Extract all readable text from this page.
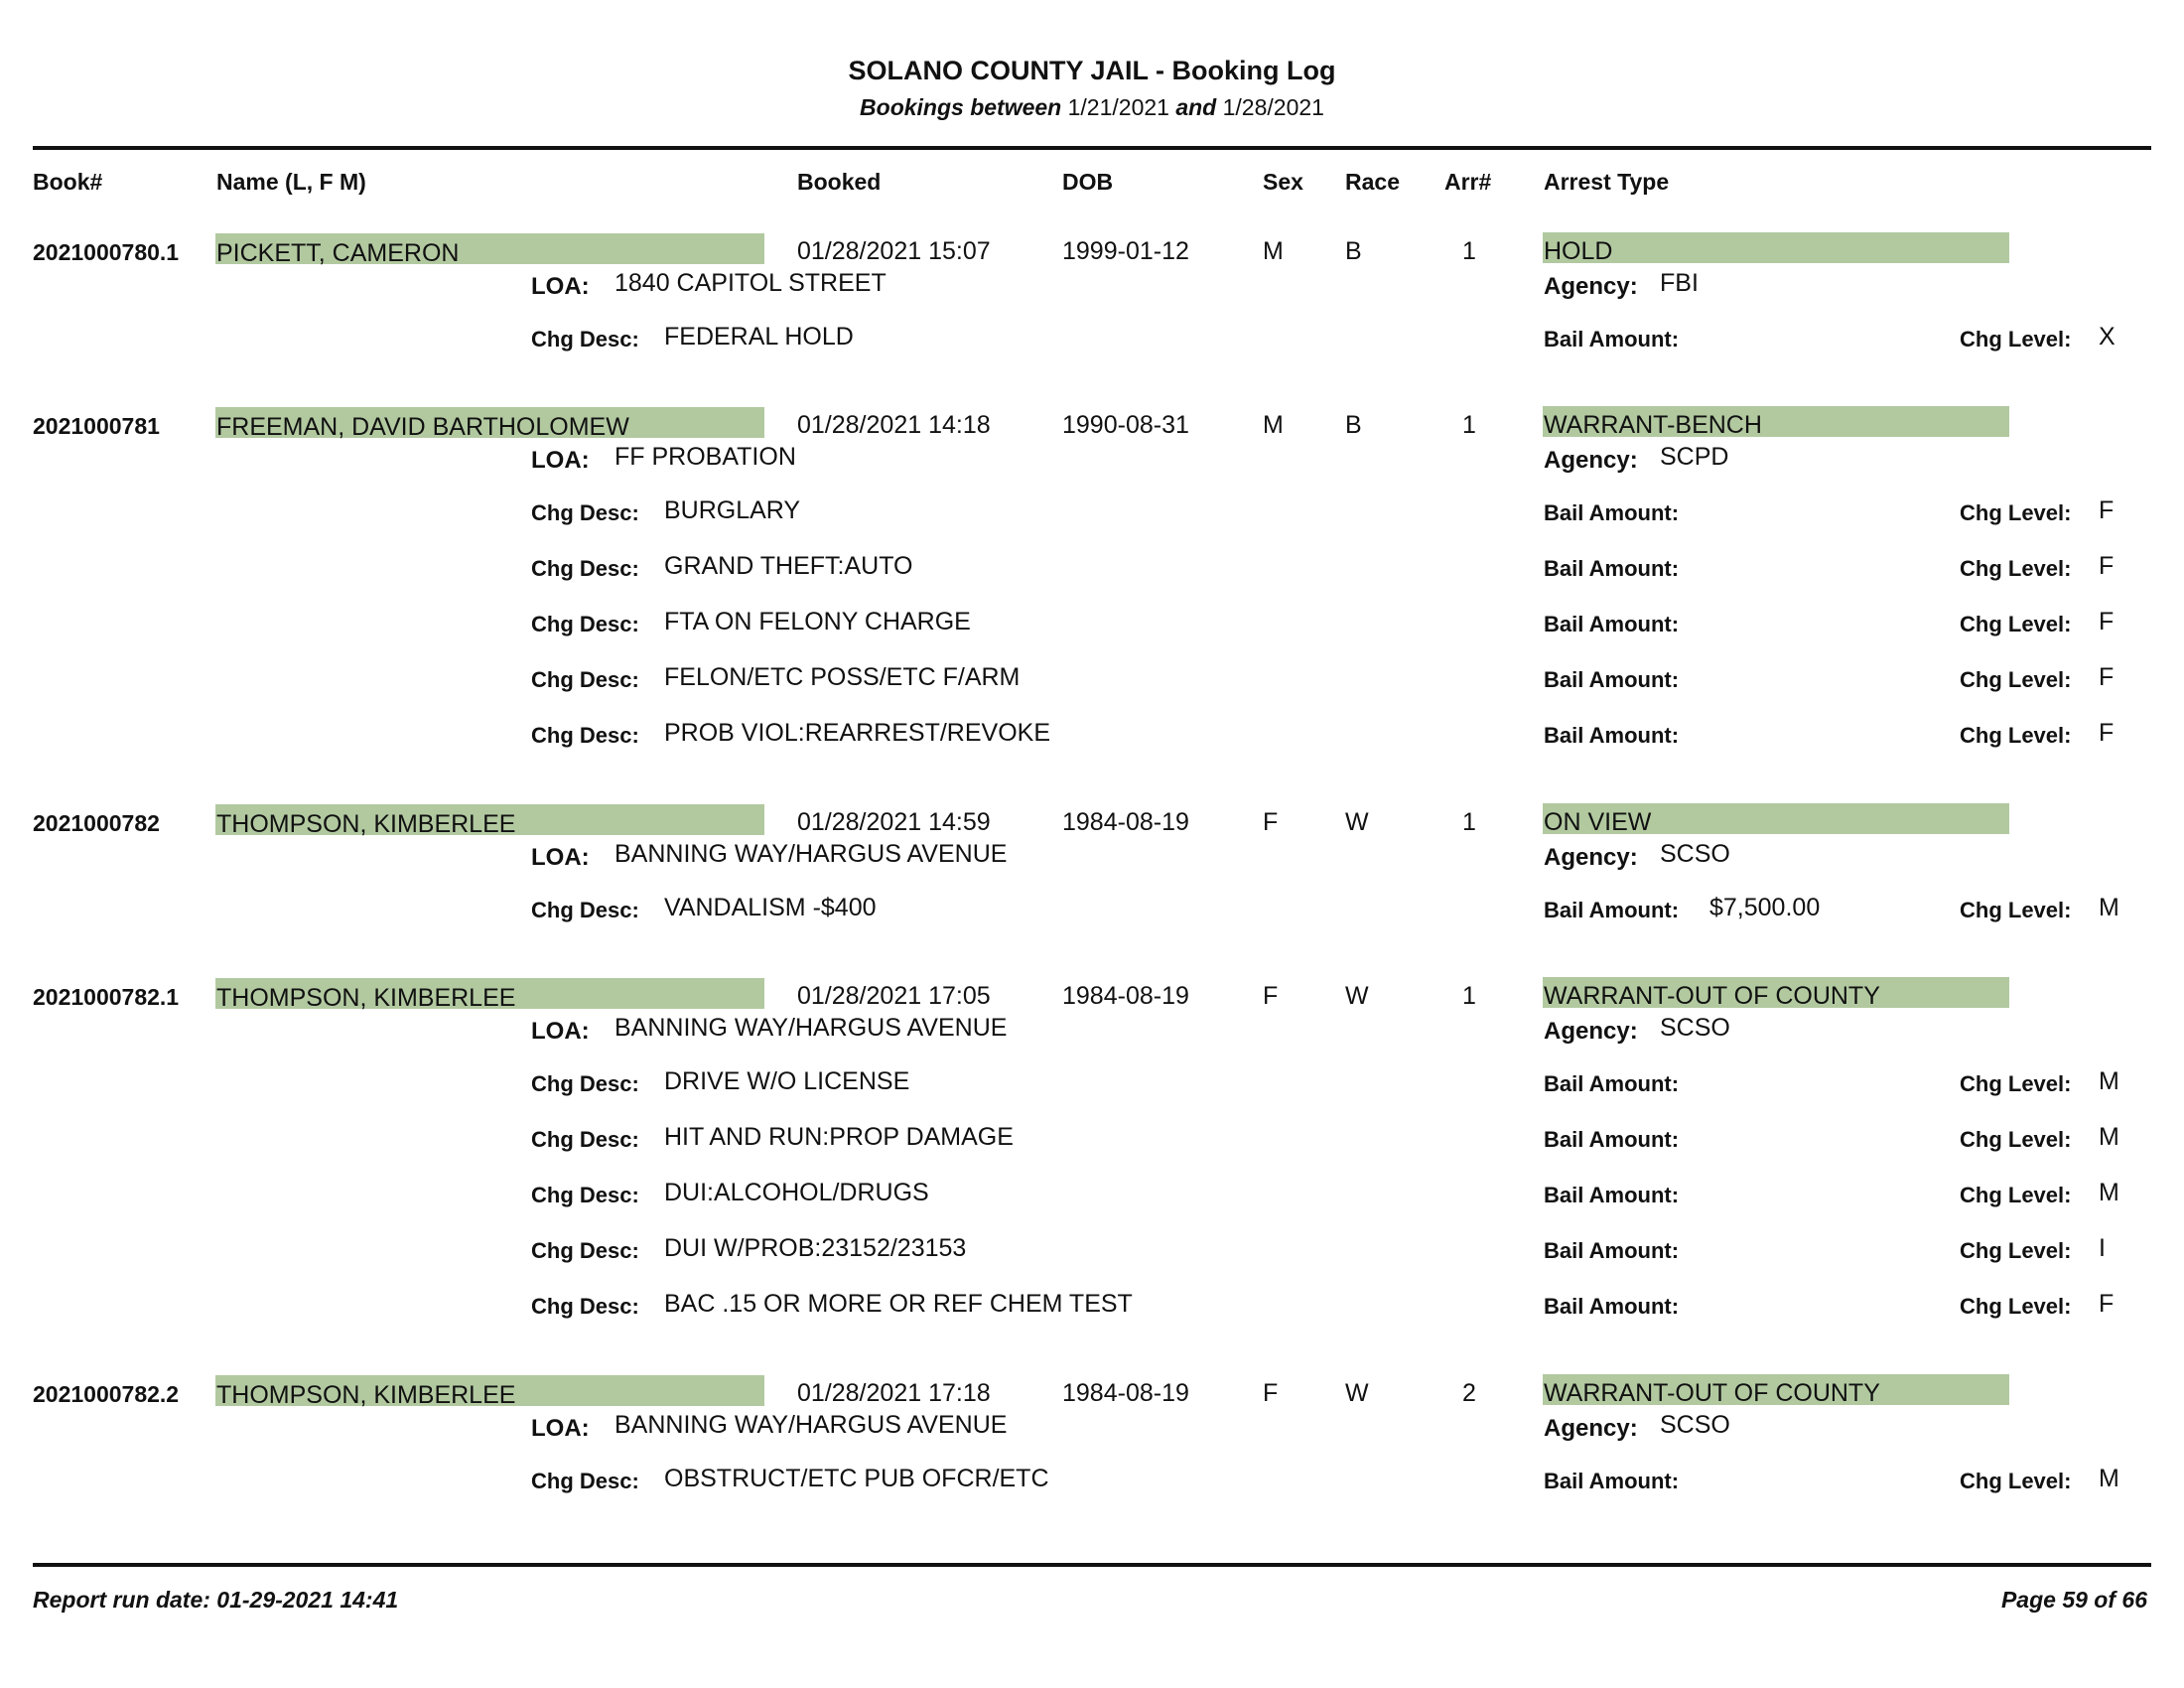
SOLANO COUNTY JAIL - Booking Log
Bookings between 1/21/2021 and 1/28/2021
Book#	Name (L, F M)	Booked	DOB	Sex Race Arr# Arrest Type
2021000780.1 PICKETT, CAMERON	01/28/2021 15:07	1999-01-12	M B	1	HOLD
LOA: 1840 CAPITOL STREET	Agency: FBI
Chg Desc: FEDERAL HOLD	Bail Amount:	Chg Level: X
2021000781 FREEMAN, DAVID BARTHOLOMEW	01/28/2021 14:18	1990-08-31	M B	1	WARRANT-BENCH
LOA: FF PROBATION	Agency: SCPD
Chg Desc: BURGLARY	Bail Amount:	Chg Level: F
Chg Desc: GRAND THEFT:AUTO	Bail Amount:	Chg Level: F
Chg Desc: FTA ON FELONY CHARGE	Bail Amount:	Chg Level: F
Chg Desc: FELON/ETC POSS/ETC F/ARM	Bail Amount:	Chg Level: F
Chg Desc: PROB VIOL:REARREST/REVOKE	Bail Amount:	Chg Level: F
2021000782 THOMPSON, KIMBERLEE	01/28/2021 14:59	1984-08-19	F	W	1	ON VIEW
LOA: BANNING WAY/HARGUS AVENUE	Agency: SCSO
Chg Desc: VANDALISM -$400	Bail Amount: $7,500.00	Chg Level: M
2021000782.1 THOMPSON, KIMBERLEE	01/28/2021 17:05	1984-08-19	F	W	1	WARRANT-OUT OF COUNTY
LOA: BANNING WAY/HARGUS AVENUE	Agency: SCSO
Chg Desc: DRIVE W/O LICENSE	Bail Amount:	Chg Level: M
Chg Desc: HIT AND RUN:PROP DAMAGE	Bail Amount:	Chg Level: M
Chg Desc: DUI:ALCOHOL/DRUGS	Bail Amount:	Chg Level: M
Chg Desc: DUI W/PROB:23152/23153	Bail Amount:	Chg Level: I
Chg Desc: BAC .15 OR MORE OR REF CHEM TEST	Bail Amount:	Chg Level: F
2021000782.2 THOMPSON, KIMBERLEE	01/28/2021 17:18	1984-08-19	F	W	2	WARRANT-OUT OF COUNTY
LOA: BANNING WAY/HARGUS AVENUE	Agency: SCSO
Chg Desc: OBSTRUCT/ETC PUB OFCR/ETC	Bail Amount:	Chg Level: M
Report run date: 01-29-2021 14:41	Page 59 of 66
